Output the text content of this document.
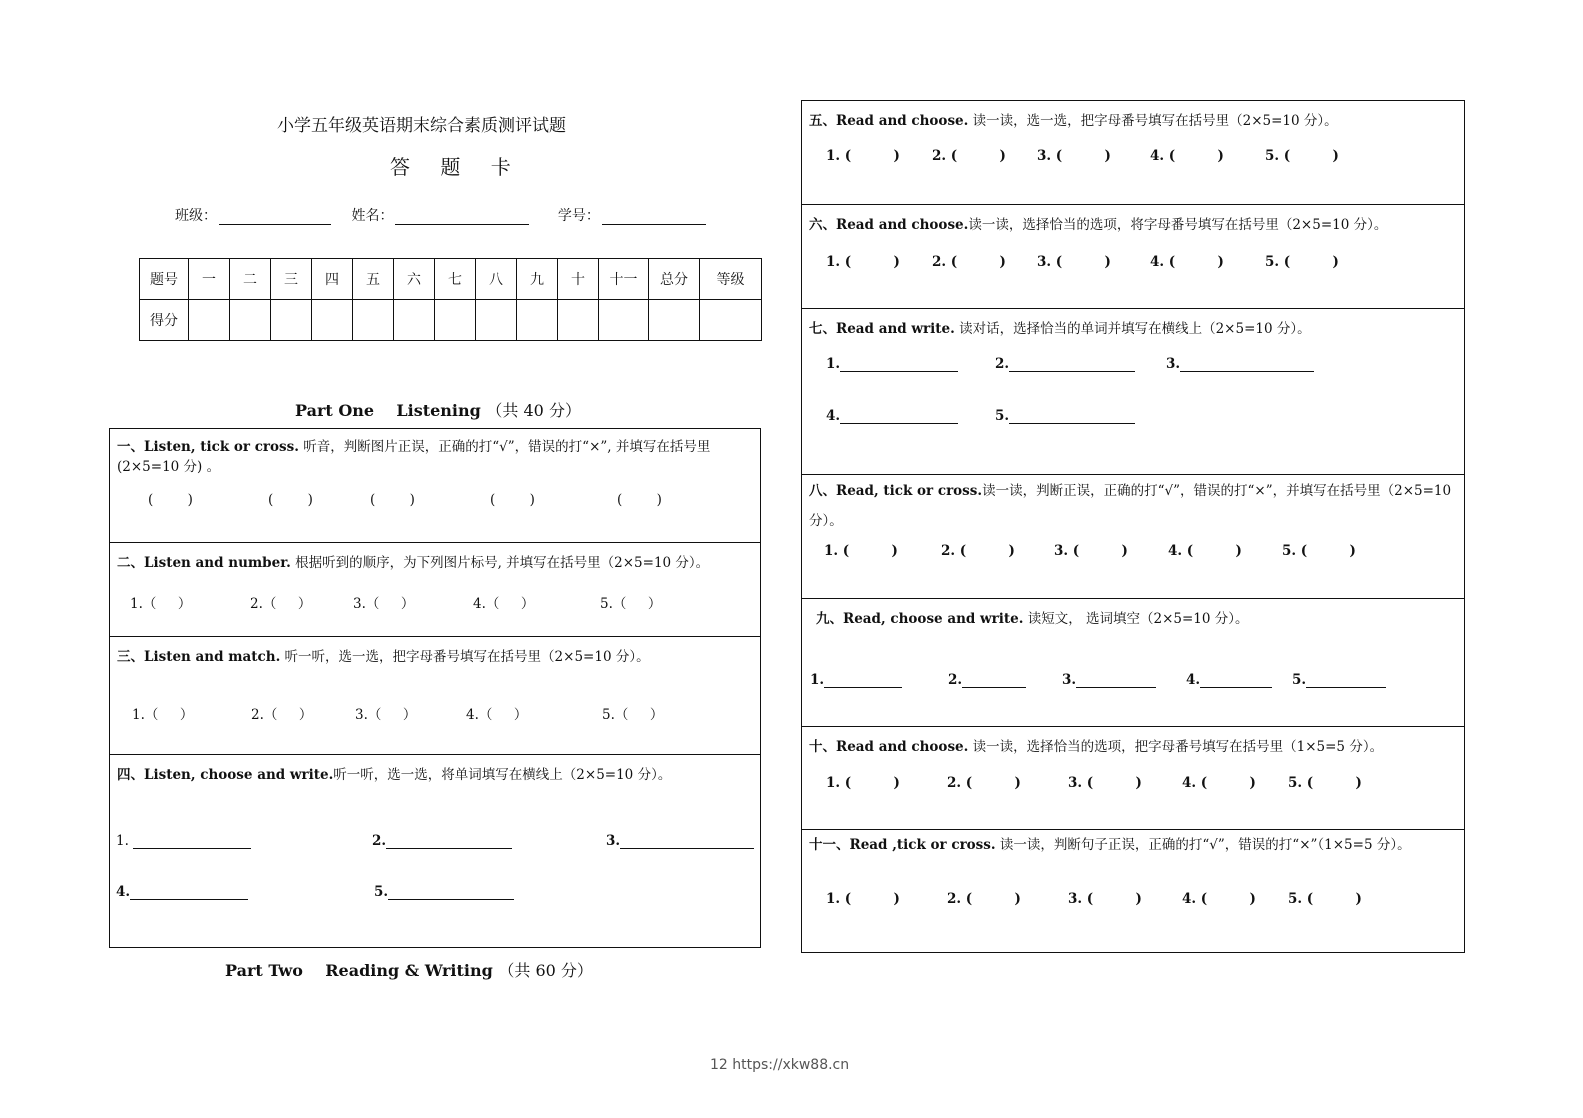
小学五年级英语期末综合素质测评试题
答 题 卡
班级：	姓名：	学号：
题号	一	二	三	四	五	六	七	八	九	十	十一	总分	等级
得分													
Part One    Listening （共 40 分）
一、Listen, tick or cross. 听音，判断图片正误，正确的打“√”，错误的打“×”, 并填写在括号里(2×5=10 分) 。
(        )	(        )	(        )	(        )	(        )
二、Listen and number. 根据听到的顺序，为下列图片标号, 并填写在括号里（2×5=10 分）。
1.（     ）	2.（     ）	3.（     ）	4.（     ）	5.（     ）
三、Listen and match. 听一听，选一选，把字母番号填写在括号里（2×5=10 分）。
1.（     ）	2.（     ）	3.（     ）	4.（     ）	5.（     ）
四、Listen, choose and write.听一听，选一选，将单词填写在横线上（2×5=10 分）。
1.	2.	3.
4.	5.
Part Two    Reading & Writing （共 60 分）
五、Read and choose. 读一读，选一选，把字母番号填写在括号里（2×5=10 分）。
1. (         ) 2. (         ) 3. (         )	4. (         )	5. (         )
六、Read and choose.读一读，选择恰当的选项，将字母番号填写在括号里（2×5=10 分）。
1. (         ) 2. (         ) 3. (         )	4. (         )	5. (         )
七、Read and write. 读对话，选择恰当的单词并填写在横线上（2×5=10 分）。
1.	2.	3.
4.	5.
八、Read, tick or cross.读一读，判断正误，正确的打“√”，错误的打“×”，并填写在括号里（2×5=10 分）。
1. (         )	2. (         )	3. (         )	4. (         )	5. (         )
九、Read, choose and write. 读短文， 选词填空（2×5=10 分）。
1.	2.	3.	4.	5.
十、Read and choose. 读一读，选择恰当的选项，把字母番号填写在括号里（1×5=5 分）。
1. (         )	2. (         )	3. (         )	4. (         ) 5. (         )
十一、Read ,tick or cross. 读一读，判断句子正误，正确的打“√”，错误的打“×”（1×5=5 分）。
1. (         )	2. (         )	3. (         )	4. (         ) 5. (         )
12 https://xkw88.cn
